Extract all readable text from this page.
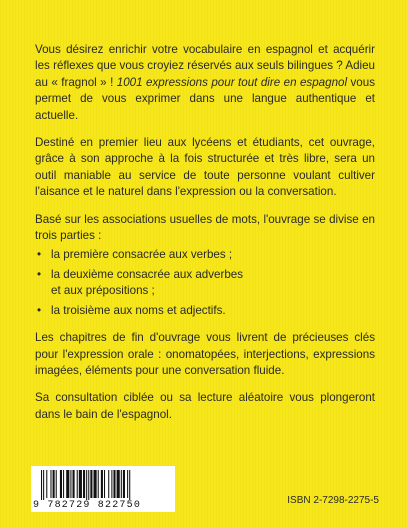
Vous désirez enrichir votre vocabulaire en espagnol et acquérir les réflexes que vous croyiez réservés aux seuls bilingues ? Adieu au « fragnol » ! 1001 expressions pour tout dire en espagnol vous permet de vous exprimer dans une langue authentique et actuelle.

Destiné en premier lieu aux lycéens et étudiants, cet ouvrage, grâce à son approche à la fois structurée et très libre, sera un outil maniable au service de toute personne voulant cultiver l'aisance et le naturel dans l'expression ou la conversation.

Basé sur les associations usuelles de mots, l'ouvrage se divise en trois parties :

• la première consacrée aux verbes ;
• la deuxième consacrée aux adverbes
et aux prépositions ;
• la troisième aux noms et adjectifs.

Les chapitres de fin d'ouvrage vous livrent de précieuses clés pour l'expression orale : onomatopées, interjections, expressions imagées, éléments pour une conversation fluide.

Sa consultation ciblée ou sa lecture aléatoire vous plongeront dans le bain de l'espagnol.

9 782729 822750	ISBN 2-7298-2275-5
